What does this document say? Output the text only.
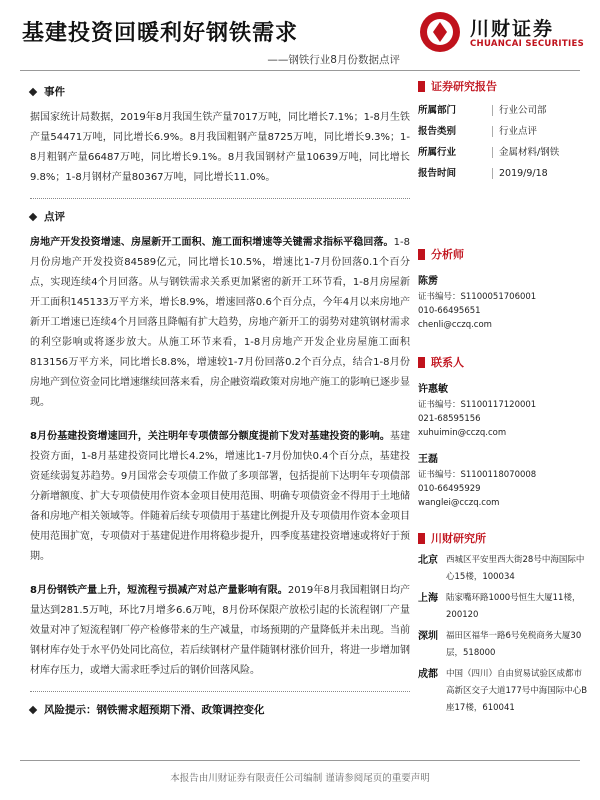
基建投资回暖利好钢铁需求
——钢铁行业8月份数据点评
川财证券
CHUANCAI SECURITIES
事件

据国家统计局数据，2019年8月我国生铁产量7017万吨，同比增长7.1%；1-8月生铁产量54471万吨，同比增长6.9%。8月我国粗钢产量8725万吨，同比增长9.3%；1-8月粗钢产量66487万吨，同比增长9.1%。8月我国钢材产量10639万吨，同比增长9.8%；1-8月钢材产量80367万吨，同比增长11.0%。

点评

房地产开发投资增速、房屋新开工面积、施工面积增速等关键需求指标平稳回落。1-8月份房地产开发投资84589亿元，同比增长10.5%，增速比1-7月份回落0.1个百分点，实现连续4个月回落。从与钢铁需求关系更加紧密的新开工环节看，1-8月房屋新开工面积145133万平方米，增长8.9%，增速回落0.6个百分点，今年4月以来房地产新开工增速已连续4个月回落且降幅有扩大趋势，房地产新开工的弱势对建筑钢材需求的利空影响或将逐步放大。从施工环节来看，1-8月房地产开发企业房屋施工面积813156万平方米，同比增长8.8%，增速较1-7月份回落0.2个百分点，结合1-8月份房地产到位资金同比增速继续回落来看，房企融资端政策对房地产施工的影响已逐步显现。

8月份基建投资增速回升，关注明年专项债部分额度提前下发对基建投资的影响。基建投资方面，1-8月基建投资同比增长4.2%，增速比1-7月份加快0.4个百分点，基建投资延续弱复苏趋势。9月国常会专项债工作做了多项部署，包括提前下达明年专项债部分新增额度、扩大专项债使用作资本金项目使用范围、明确专项债资金不得用于土地储备和房地产相关领域等。伴随着后续专项债用于基建比例提升及专项债用作资本金项目使用范围扩宽，专项债对于基建促进作用将稳步提升，四季度基建投资增速或将好于预期。

8月份钢铁产量上升，短流程亏损减产对总产量影响有限。2019年8月我国粗钢日均产量达到281.5万吨，环比7月增多6.6万吨，8月份环保限产放松引起的长流程钢厂产量效量对冲了短流程钢厂停产检修带来的生产减量，市场预期的产量降低并未出现。当前钢材库存处于水平仍处同比高位，若后续钢材产量伴随钢材涨价回升，将进一步增加钢材库存压力，或增大需求旺季过后的钢价回落风险。

风险提示：钢铁需求超预期下滑、政策调控变化
证券研究报告
所属部门	行业公司部
报告类别	行业点评
所属行业	金属材料/钢铁
报告时间	2019/9/18
分析师
陈雳
证书编号：S1100051706001
010-66495651
chenli@cczq.com
联系人
许惠敏
证书编号：S1100117120001
021-68595156
xuhuimin@cczq.com
王磊
证书编号：S1100118070008
010-66495929
wanglei@cczq.com
川财研究所
北京 西城区平安里西大街28号中海国际中心15楼，100034
上海 陆家嘴环路1000号恒生大厦11楼，200120
深圳 福田区福华一路6号免税商务大厦30层，518000
成都 中国（四川）自由贸易试验区成都市高新区交子大道177号中海国际中心B座17楼，610041
本报告由川财证券有限责任公司编制 谨请参阅尾页的重要声明
